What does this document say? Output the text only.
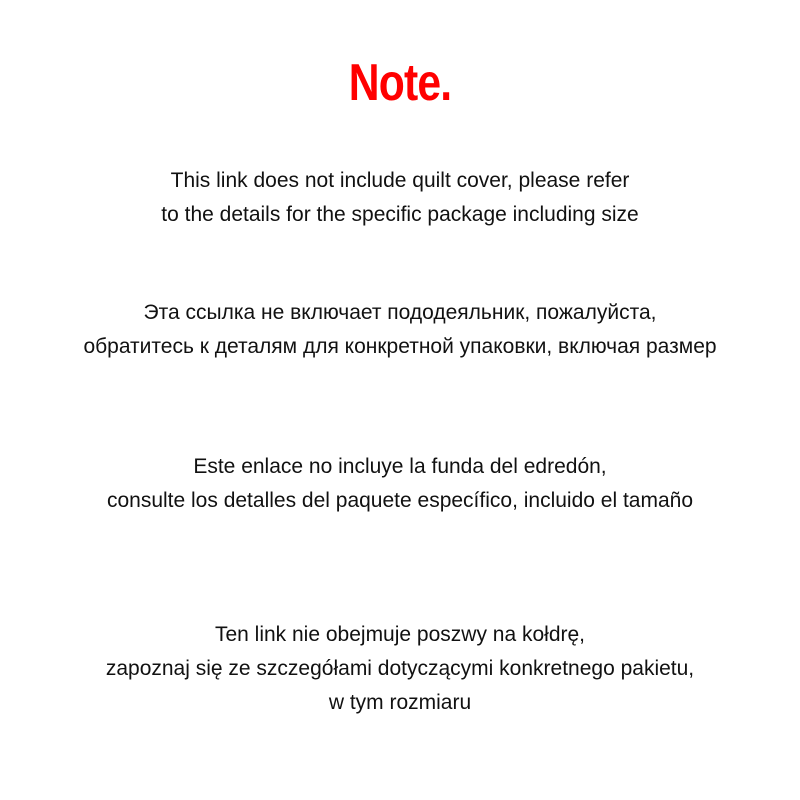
Note.
This link does not include quilt cover, please refer
to the details for the specific package including size
Эта ссылка не включает пододеяльник, пожалуйста,
обратитесь к деталям для конкретной упаковки, включая размер
Este enlace no incluye la funda del edredón,
consulte los detalles del paquete específico, incluido el tamaño
Ten link nie obejmuje poszwy na kołdrę,
zapoznaj się ze szczegółami dotyczącymi konkretnego pakietu,
w tym rozmiaru
